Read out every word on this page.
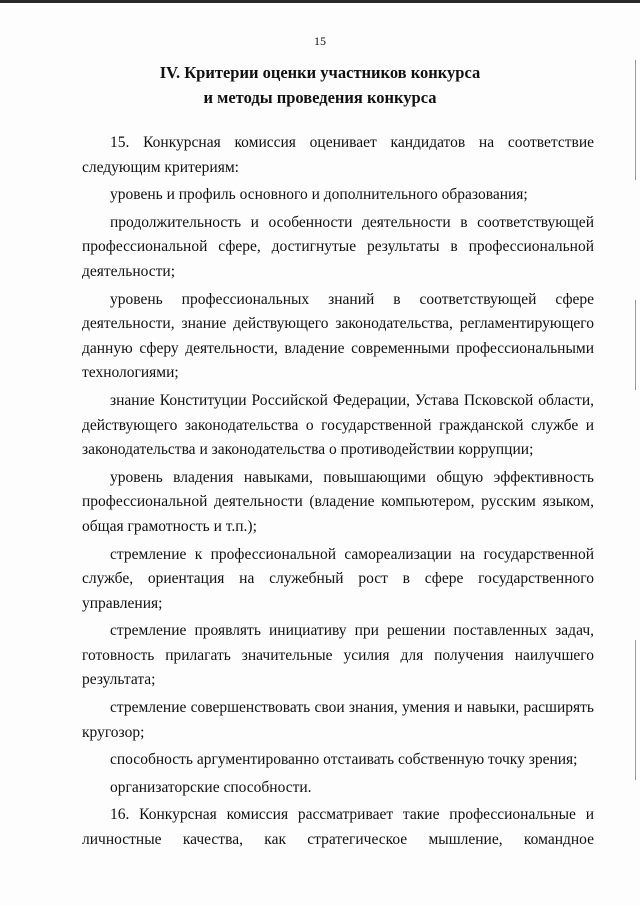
15
IV. Критерии оценки участников конкурса
и методы проведения конкурса

15. Конкурсная комиссия оценивает кандидатов на соответствие следующим критериям:

уровень и профиль основного и дополнительного образования;

продолжительность и особенности деятельности в соответствующей профессиональной сфере, достигнутые результаты в профессиональной деятельности;

уровень профессиональных знаний в соответствующей сфере деятельности, знание действующего законодательства, регламентирующего данную сферу деятельности, владение современными профессиональными технологиями;

знание Конституции Российской Федерации, Устава Псковской области, действующего законодательства о государственной гражданской службе и законодательства и законодательства о противодействии коррупции;

уровень владения навыками, повышающими общую эффективность профессиональной деятельности (владение компьютером, русским языком, общая грамотность и т.п.);

стремление к профессиональной самореализации на государственной службе, ориентация на служебный рост в сфере государственного управления;

стремление проявлять инициативу при решении поставленных задач, готовность прилагать значительные усилия для получения наилучшего результата;

стремление совершенствовать свои знания, умения и навыки, расширять кругозор;

способность аргументированно отстаивать собственную точку зрения;

организаторские способности.

16. Конкурсная комиссия рассматривает такие профессиональные и личностные качества, как стратегическое мышление, командное
